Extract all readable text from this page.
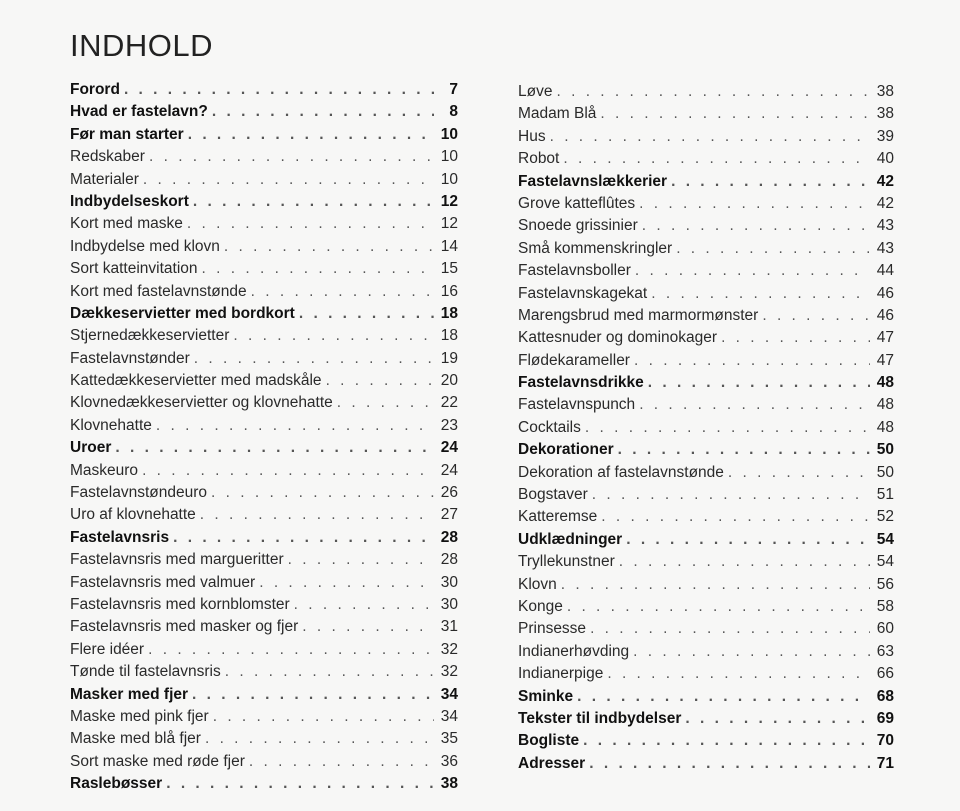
INDHOLD
Forord . . .	7
Hvad er fastelavn? . . .	8
Før man starter . . .	10
Redskaber . . .	10
Materialer . . .	10
Indbydelseskort . . .	12
Kort med maske . . .	12
Indbydelse med klovn . . .	14
Sort katteinvitation . . .	15
Kort med fastelavnstønde . . .	16
Dækkeservietter med bordkort . . .	18
Stjernedækkeservietter . . .	18
Fastelavnstønder . . .	19
Kattedækkeservietter med madskåle . . .	20
Klovnedækkeservietter og klovnehatte . . .	22
Klovnehatte . . .	23
Uroer . . .	24
Maskeuro . . .	24
Fastelavnstøndeuro . . .	26
Uro af klovnehatte . . .	27
Fastelavnsris . . .	28
Fastelavnsris med margueritter . . .	28
Fastelavnsris med valmuer . . .	30
Fastelavnsris med kornblomster . . .	30
Fastelavnsris med masker og fjer . . .	31
Flere idéer . . .	32
Tønde til fastelavnsris . . .	32
Masker med fjer . . .	34
Maske med pink fjer . . .	34
Maske med blå fjer . . .	35
Sort maske med røde fjer . . .	36
Raslebøsser . . .	38
Løve . . .	38
Madam Blå . . .	38
Hus . . .	39
Robot . . .	40
Fastelavnslækkerier . . .	42
Grove katteflûtes . . .	42
Snoede grissinier . . .	43
Små kommenskringler . . .	43
Fastelavnsboller . . .	44
Fastelavnskagekat . . .	46
Marengsbrud med marmormønster . . .	46
Kattesnuder og dominokager . . .	47
Flødekarameller . . .	47
Fastelavnsdrikke . . .	48
Fastelavnspunch . . .	48
Cocktails . . .	48
Dekorationer . . .	50
Dekoration af fastelavnstønde . . .	50
Bogstaver . . .	51
Katteremse . . .	52
Udklædninger . . .	54
Tryllekunstner . . .	54
Klovn . . .	56
Konge . . .	58
Prinsesse . . .	60
Indianerhøvding . . .	63
Indianerpige . . .	66
Sminke . . .	68
Tekster til indbydelser . . .	69
Bogliste . . .	70
Adresser . . .	71
